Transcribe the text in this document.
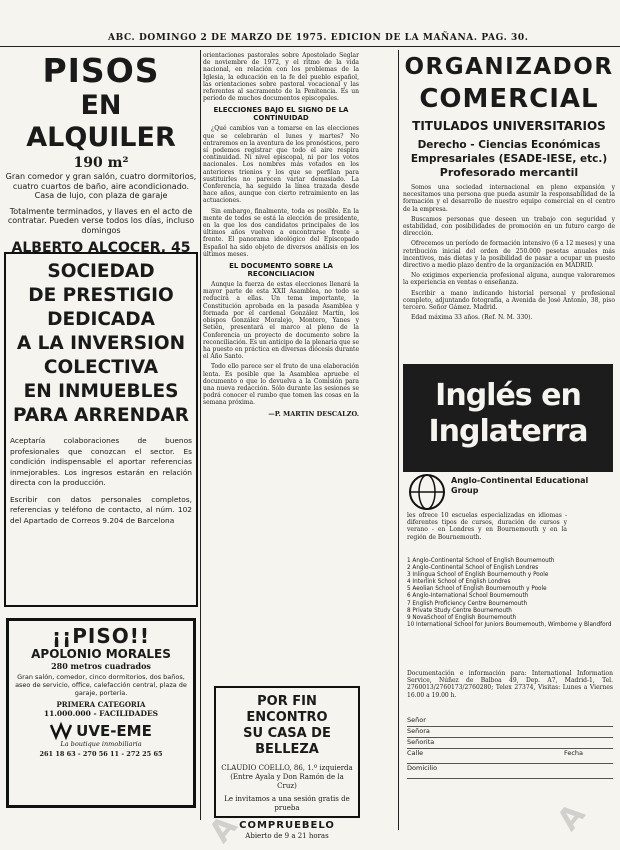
ABC. DOMINGO 2 DE MARZO DE 1975. EDICION DE LA MAÑANA. PAG. 30.
PISOS
EN ALQUILER
190 m²
Gran comedor y gran salón, cuatro dormitorios, cuatro cuartos de baño, aire acondicionado. Casa de lujo, con plaza de garaje
Totalmente terminados, y llaves en el acto de contratar. Pueden verse todos los días, incluso domingos
ALBERTO ALCOCER, 45
SOCIEDAD
DE PRESTIGIO
DEDICADA
A LA INVERSION
COLECTIVA
EN INMUEBLES
PARA ARRENDAR
Aceptaría colaboraciones de buenos profesionales que conozcan el sector. Es condición indispensable el aportar referencias inmejorables. Los ingresos estarán en relación directa con la producción.
Escribir con datos personales completos, referencias y teléfono de contacto, al núm. 102 del Apartado de Correos 9.204 de Barcelona
¡¡PISO!!
APOLONIO MORALES
280 metros cuadrados
Gran salón, comedor, cinco dormitorios, dos baños, aseo de servicio, office, calefacción central, plaza de garaje, portería.
PRIMERA CATEGORIA
11.000.000 - FACILIDADES
UVE-EME
La boutique inmobiliaria
261 18 63 - 270 56 11 - 272 25 65

orientaciones pastorales sobre Apostolado Seglar de noviembre de 1972, y el ritmo de la vida nacional, en relación con los problemas de la Iglesia, la educación en la fe del pueblo español, las orientaciones sobre pastoral vocacional y las referentes al sacramento de la Penitencia. Es un período de muchos documentos episcopales.

ELECCIONES BAJO EL SIGNO DE LA CONTINUIDAD

¿Qué cambios van a tomarse en las elecciones que se celebrarán el lunes y martes? No entraremos en la aventura de los pronósticos, pero sí podemos registrar que todo el aire respira continuidad. Ni nivel episcopal, ni por los votos nacionales. Los nombres más votados en los anteriores trienios y los que se perfilan para sustituirles no parecen variar demasiado. La Conferencia, ha seguido la línea trazada desde hace años, aunque con cierto retraimiento en las actuaciones.

Sin embargo, finalmente, toda es posible. En la mente de todos se está la elección de presidente, en la que los dos candidatos principales de los últimos años vuelven a encontrarse frente a frente. El panorama ideológico del Episcopado Español ha sido objeto de diversos análisis en los últimos meses.

EL DOCUMENTO SOBRE LA RECONCILIACION

Aunque la fuerza de estas elecciones llenará la mayor parte de esta XXII Asamblea, no todo se reducirá a ellas. Un tema importante, la Constitución aprobada en la pasada Asamblea y formada por el cardenal González Martín, los obispos González Moralejo, Montero, Yanes y Setién, presentará el marco al pleno de la Conferencia un proyecto de documento sobre la reconciliación. Es un anticipo de la plenaria que se ha puesto en práctica en diversas diócesis durante el Año Santo.

Todo ello parece ser el fruto de una elaboración lenta. Es posible que la Asamblea apruebe el documento o que lo devuelva a la Comisión para una nueva redacción. Sólo durante las sesiones se podrá conocer el rumbo que tomen las cosas en la semana próxima.

—P. MARTIN DESCALZO.
POR FIN ENCONTRO
SU CASA DE BELLEZA
CLAUDIO COELLO, 86, 1.º izquierda (Entre Ayala y Don Ramón de la Cruz)
Le invitamos a una sesión gratis de prueba
COMPRUEBELO
Abierto de 9 a 21 horas
ORGANIZADOR
COMERCIAL
TITULADOS UNIVERSITARIOS
Derecho - Ciencias Económicas Empresariales (ESADE-IESE, etc.)
Profesorado mercantil

Somos una sociedad internacional en pleno expansión y necesitamos una persona que pueda asumir la responsabilidad de la formación y el desarrollo de nuestro equipo comercial en el centro de la empresa.

Buscamos personas que deseen un trabajo con seguridad y estabilidad, con posibilidades de promoción en un futuro cargo de dirección.

Ofrecemos un período de formación intensivo (6 a 12 meses) y una retribución inicial del orden de 250.000 pesetas anuales más incentivos, más dietas y la posibilidad de pasar a ocupar un puesto directivo a medio plazo dentro de la organización en MADRID.

No exigimos experiencia profesional alguna, aunque valoraremos la experiencia en ventas o enseñanza.

Escribir a mano indicando historial personal y profesional completo, adjuntando fotografía, a Avenida de José Antonio, 38, piso tercero. Señor Gámez. Madrid.

Edad máxima 33 años. (Ref. N. M. 330).

Inglés en
Inglaterra
Anglo-Continental Educational Group
les ofrece 10 escuelas especializadas en idiomas - diferentes tipos de cursos, duración de cursos y verano - en Londres y en Bournemouth y en la región de Bournemouth.
1 Anglo-Continental School of English Bournemouth
2 Anglo-Continental School of English Londres
3 Inlingua School of English Bournemouth y Poole
4 Interlink School of English Londres
5 Aeolian School of English Bournemouth y Poole
6 Anglo-International School Bournemouth
7 English Proficiency Centre Bournemouth
8 Private Study Centre Bournemouth
9 NovaSchool of English Bournemouth
10 International School for Juniors Bournemouth, Wimborne y Blandford
Documentación e información para: International Information Service, Núñez de Balboa 49, Dep. A7, Madrid-1, Tel. 2760013/2760173/2760280; Telex 27374, Visitas: Lunes a Viernes 16.00 a 19.00 h.
Señor
Señora
Señorita
Calle	Fecha
Domicilio
A	A
